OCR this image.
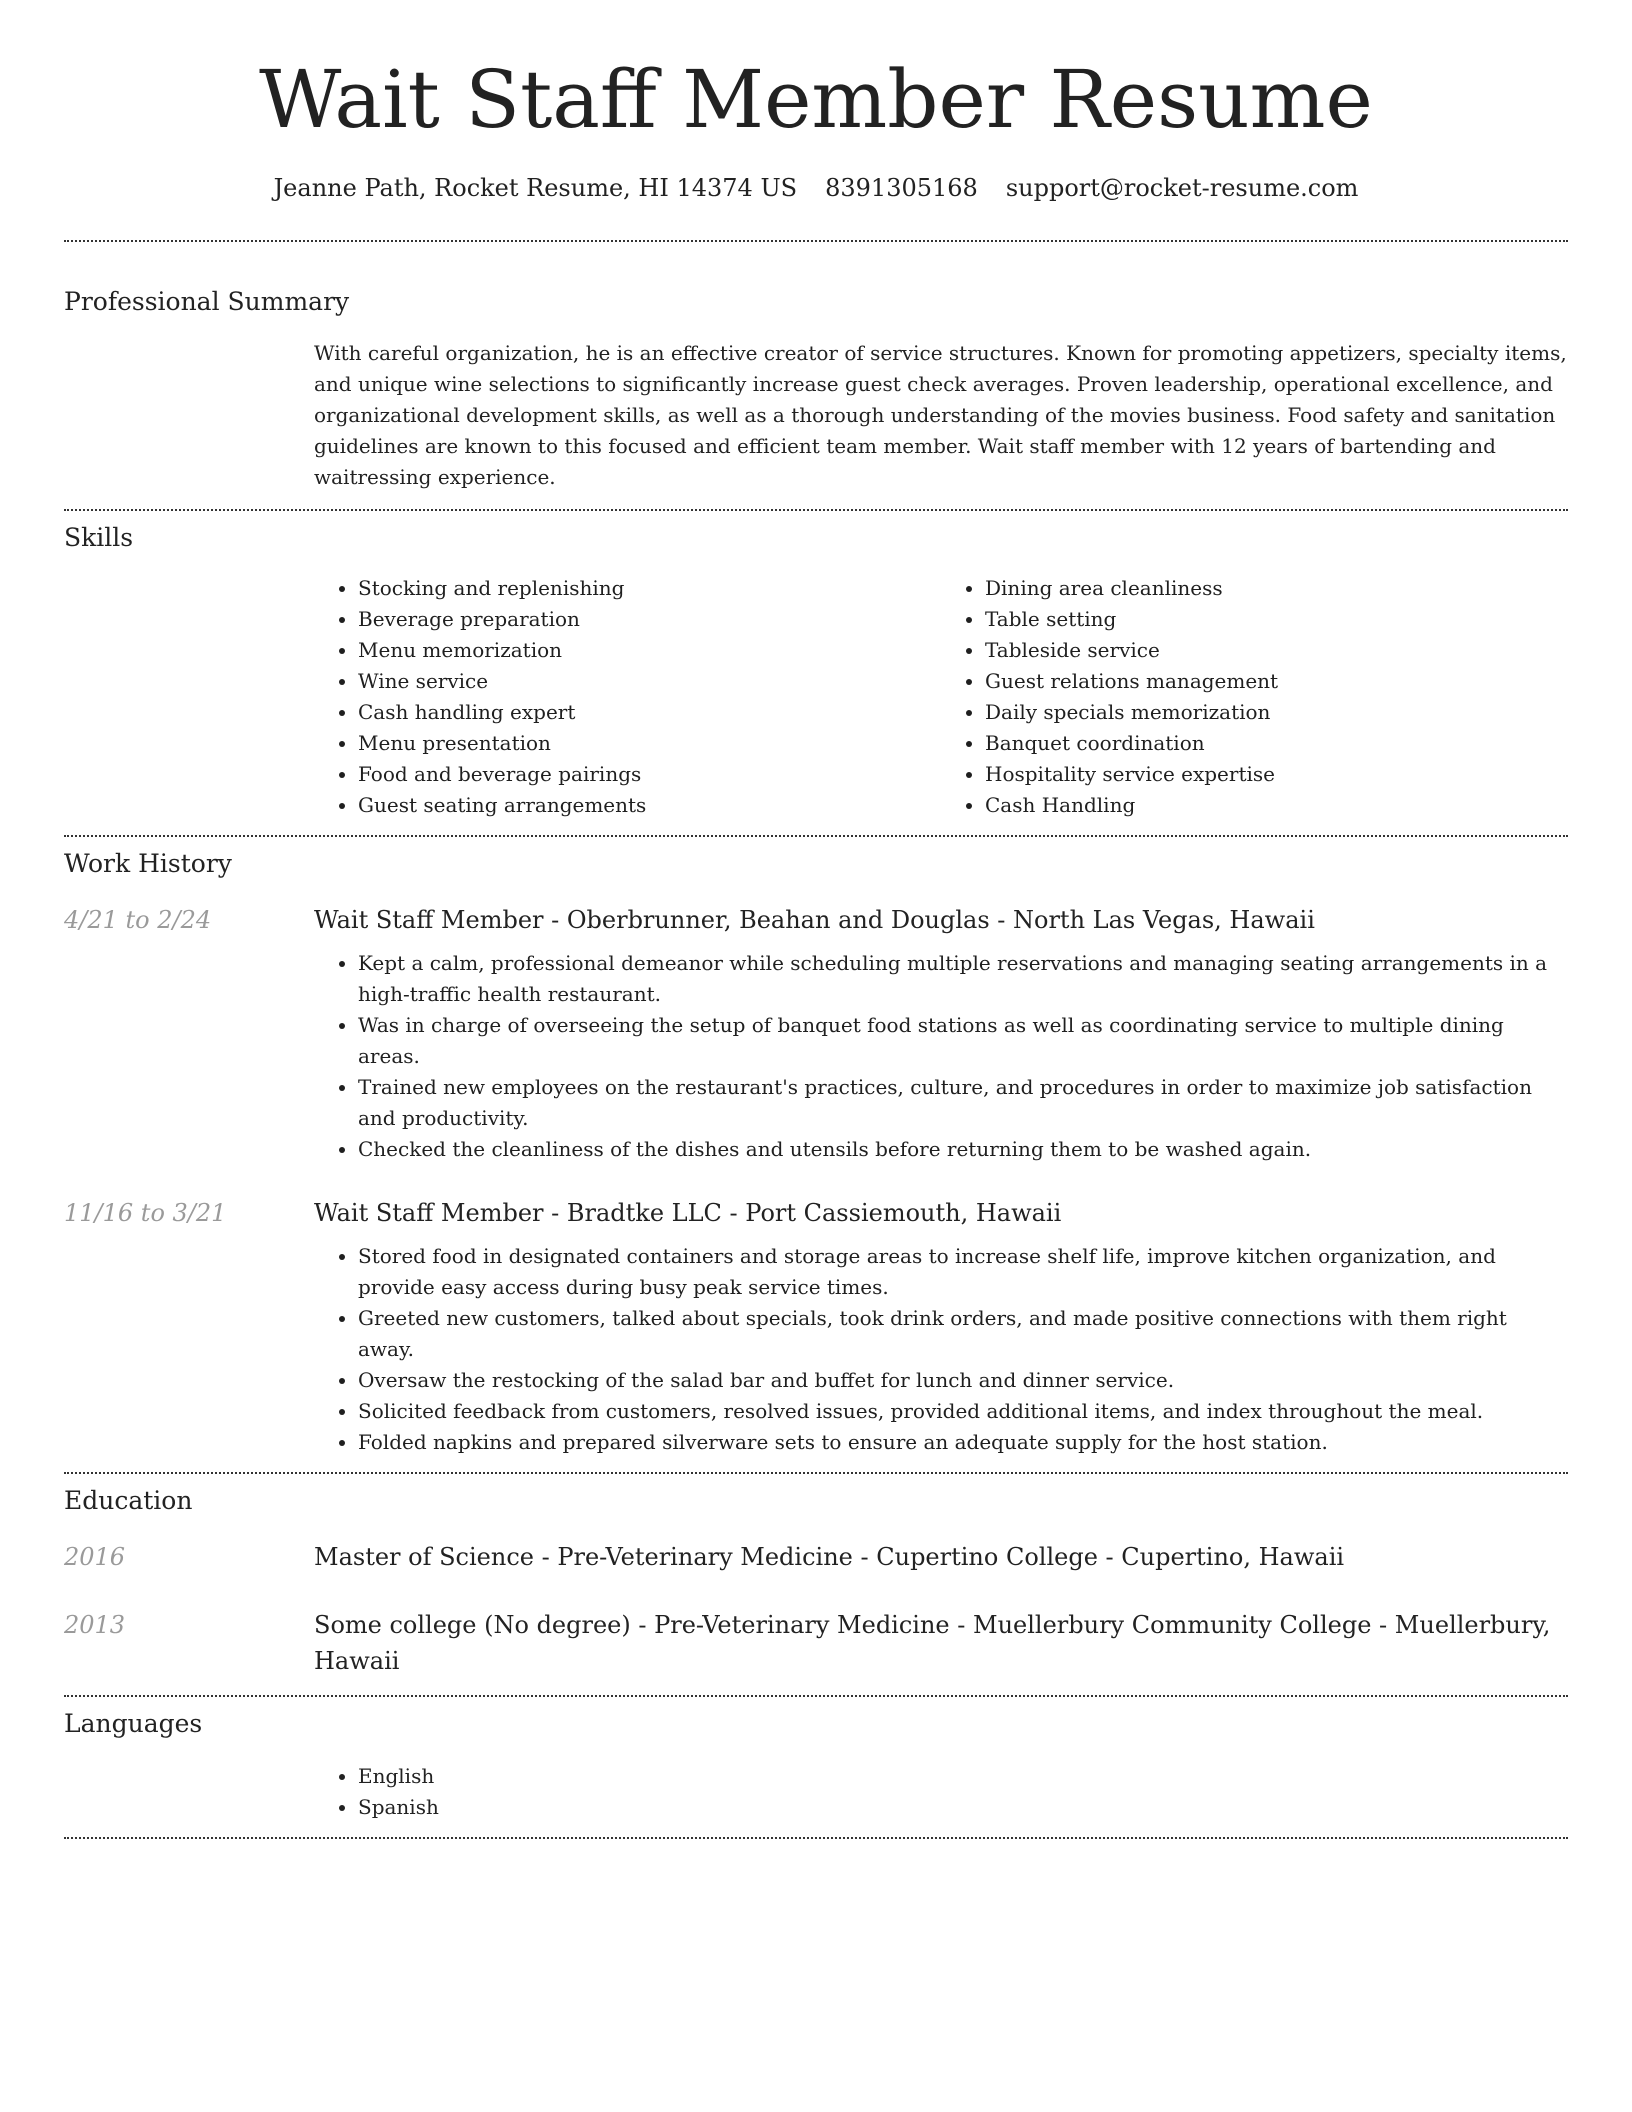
Wait Staff Member Resume
Jeanne Path, Rocket Resume, HI 14374 US 8391305168 support@rocket-resume.com
Professional Summary
With careful organization, he is an effective creator of service structures. Known for promoting appetizers, specialty items, and unique wine selections to significantly increase guest check averages. Proven leadership, operational excellence, and organizational development skills, as well as a thorough understanding of the movies business. Food safety and sanitation guidelines are known to this focused and efficient team member. Wait staff member with 12 years of bartending and waitressing experience.
Skills
• Stocking and replenishing
• Beverage preparation
• Menu memorization
• Wine service
• Cash handling expert
• Menu presentation
• Food and beverage pairings
• Guest seating arrangements
• Dining area cleanliness
• Table setting
• Tableside service
• Guest relations management
• Daily specials memorization
• Banquet coordination
• Hospitality service expertise
• Cash Handling
Work History
4/21 to 2/24	Wait Staff Member - Oberbrunner, Beahan and Douglas - North Las Vegas, Hawaii
• Kept a calm, professional demeanor while scheduling multiple reservations and managing seating arrangements in a high-traffic health restaurant.
• Was in charge of overseeing the setup of banquet food stations as well as coordinating service to multiple dining areas.
• Trained new employees on the restaurant's practices, culture, and procedures in order to maximize job satisfaction and productivity.
• Checked the cleanliness of the dishes and utensils before returning them to be washed again.
11/16 to 3/21	Wait Staff Member - Bradtke LLC - Port Cassiemouth, Hawaii
• Stored food in designated containers and storage areas to increase shelf life, improve kitchen organization, and provide easy access during busy peak service times.
• Greeted new customers, talked about specials, took drink orders, and made positive connections with them right away.
• Oversaw the restocking of the salad bar and buffet for lunch and dinner service.
• Solicited feedback from customers, resolved issues, provided additional items, and index throughout the meal.
• Folded napkins and prepared silverware sets to ensure an adequate supply for the host station.
Education
2016	Master of Science - Pre-Veterinary Medicine - Cupertino College - Cupertino, Hawaii
2013	Some college (No degree) - Pre-Veterinary Medicine - Muellerbury Community College - Muellerbury, Hawaii
Languages
• English
• Spanish
